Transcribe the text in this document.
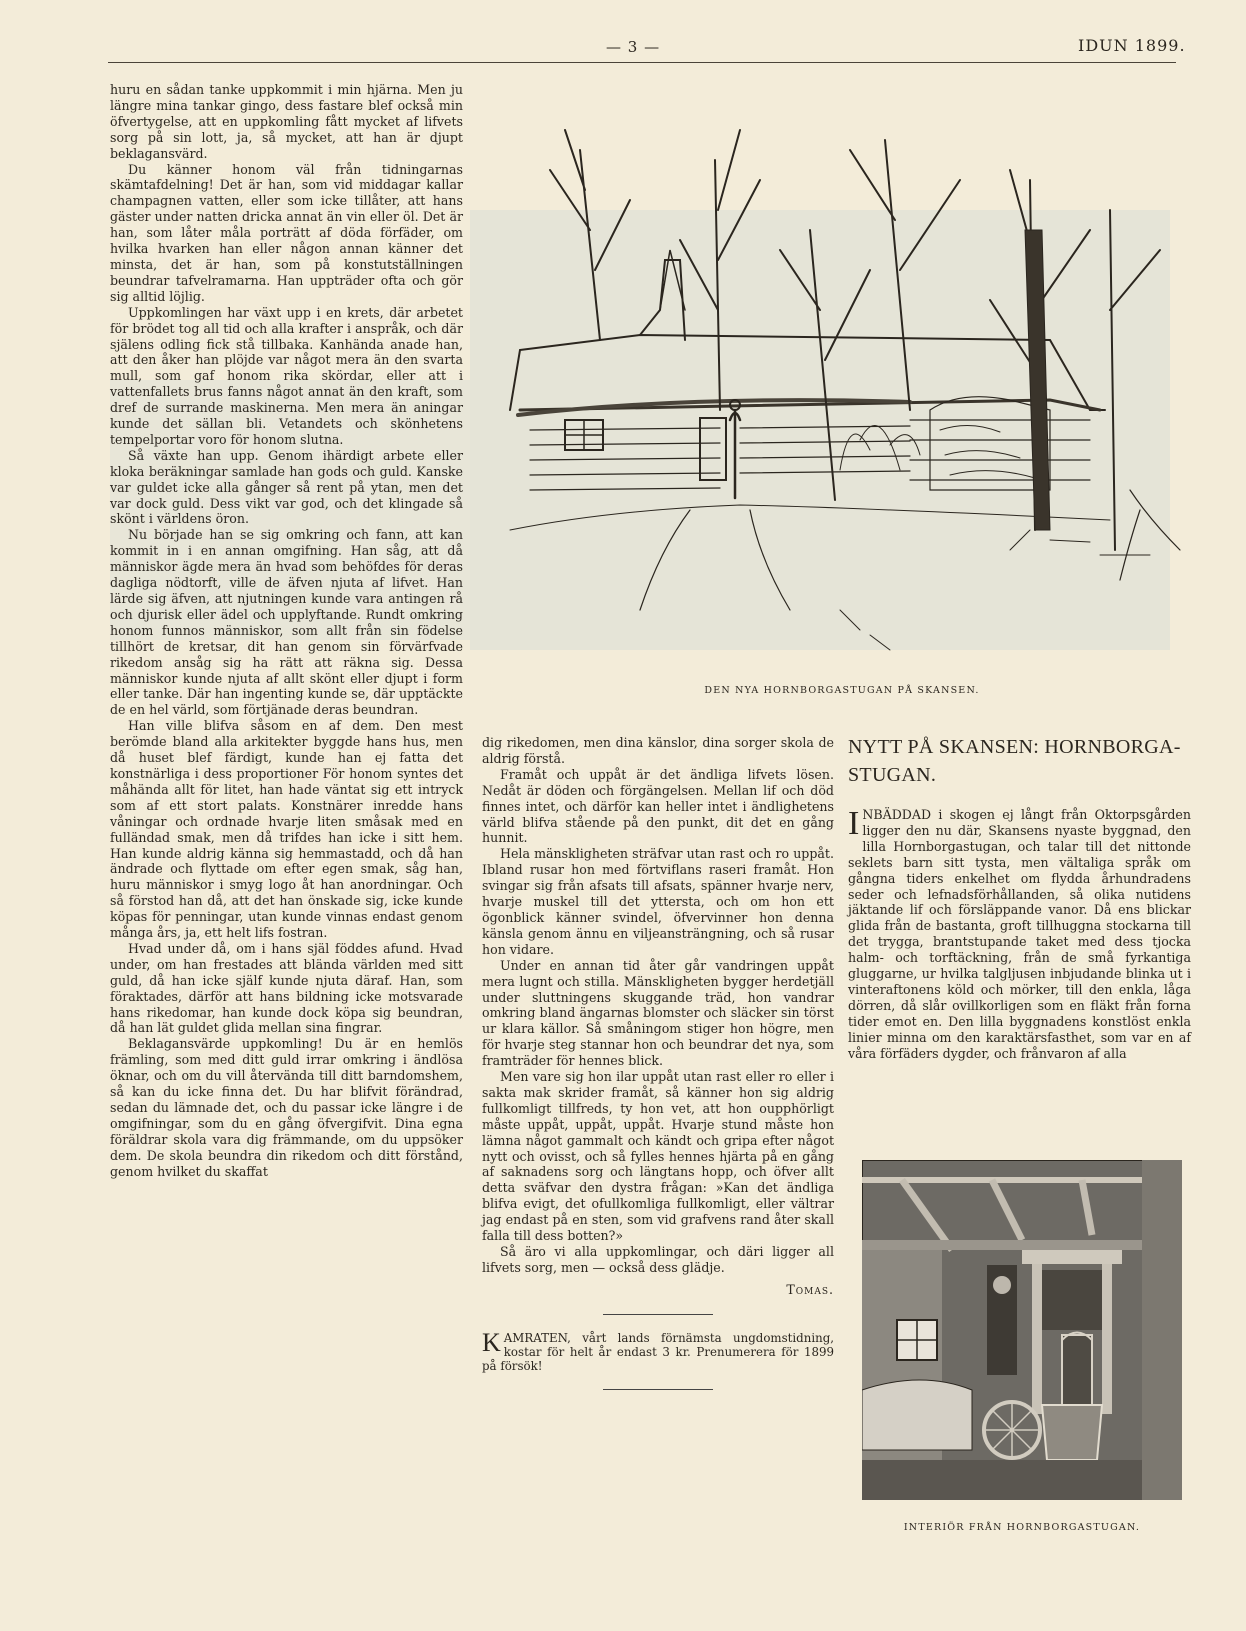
— 3 —	IDUN 1899.

huru en sådan tanke uppkommit i min hjärna. Men ju längre mina tankar gingo, dess fastare blef också min öfvertygelse, att en uppkomling fått mycket af lifvets sorg på sin lott, ja, så mycket, att han är djupt beklagansvärd.

Du känner honom väl från tidningarnas skämtafdelning! Det är han, som vid middagar kallar champagnen vatten, eller som icke tillåter, att hans gäster under natten dricka annat än vin eller öl. Det är han, som låter måla porträtt af döda förfäder, om hvilka hvarken han eller någon annan känner det minsta, det är han, som på konstutställningen beundrar tafvelramarna. Han uppträder ofta och gör sig alltid löjlig.

Uppkomlingen har växt upp i en krets, där arbetet för brödet tog all tid och alla krafter i anspråk, och där själens odling fick stå tillbaka. Kanhända anade han, att den åker han plöjde var något mera än den svarta mull, som gaf honom rika skördar, eller att i vattenfallets brus fanns något annat än den kraft, som dref de surrande maskinerna. Men mera än aningar kunde det sällan bli. Vetandets och skönhetens tempelportar voro för honom slutna.

Så växte han upp. Genom ihärdigt arbete eller kloka beräkningar samlade han gods och guld. Kanske var guldet icke alla gånger så rent på ytan, men det var dock guld. Dess vikt var god, och det klingade så skönt i världens öron.

Nu började han se sig omkring och fann, att kan kommit in i en annan omgifning. Han såg, att då människor ägde mera än hvad som behöfdes för deras dagliga nödtorft, ville de äfven njuta af lifvet. Han lärde sig äfven, att njutningen kunde vara antingen rå och djurisk eller ädel och upplyftande. Rundt omkring honom funnos människor, som allt från sin födelse tillhört de kretsar, dit han genom sin förvärfvade rikedom ansåg sig ha rätt att räkna sig. Dessa människor kunde njuta af allt skönt eller djupt i form eller tanke. Där han ingenting kunde se, där upptäckte de en hel värld, som förtjänade deras beundran.

Han ville blifva såsom en af dem. Den mest berömde bland alla arkitekter byggde hans hus, men då huset blef färdigt, kunde han ej fatta det konstnärliga i dess proportioner För honom syntes det måhända allt för litet, han hade väntat sig ett intryck som af ett stort palats. Konstnärer inredde hans våningar och ordnade hvarje liten småsak med en fulländad smak, men då trifdes han icke i sitt hem. Han kunde aldrig känna sig hemmastadd, och då han ändrade och flyttade om efter egen smak, såg han, huru människor i smyg logo åt han anordningar. Och så förstod han då, att det han önskade sig, icke kunde köpas för penningar, utan kunde vinnas endast genom många års, ja, ett helt lifs fostran.

Hvad under då, om i hans själ föddes afund. Hvad under, om han frestades att blända världen med sitt guld, då han icke själf kunde njuta däraf. Han, som föraktades, därför att hans bildning icke motsvarade hans rikedomar, han kunde dock köpa sig beundran, då han lät guldet glida mellan sina fingrar.

Beklagansvärde uppkomling! Du är en hemlös främling, som med ditt guld irrar omkring i ändlösa öknar, och om du vill återvända till ditt barndomshem, så kan du icke finna det. Du har blifvit förändrad, sedan du lämnade det, och du passar icke längre i de omgifningar, som du en gång öfvergifvit. Dina egna föräldrar skola vara dig främmande, om du uppsöker dem. De skola beundra din rikedom och ditt förstånd, genom hvilket du skaffat

DEN NYA HORNBORGASTUGAN PÅ SKANSEN.

dig rikedomen, men dina känslor, dina sorger skola de aldrig förstå.

Framåt och uppåt är det ändliga lifvets lösen. Nedåt är döden och förgängelsen. Mellan lif och död finnes intet, och därför kan heller intet i ändlighetens värld blifva stående på den punkt, dit det en gång hunnit.

Hela mänskligheten sträfvar utan rast och ro uppåt. Ibland rusar hon med förtviflans raseri framåt. Hon svingar sig från afsats till afsats, spänner hvarje nerv, hvarje muskel till det yttersta, och om hon ett ögonblick känner svindel, öfvervinner hon denna känsla genom ännu en viljeansträngning, och så rusar hon vidare.

Under en annan tid åter går vandringen uppåt mera lugnt och stilla. Mänskligheten bygger herdetjäll under sluttningens skuggande träd, hon vandrar omkring bland ängarnas blomster och släcker sin törst ur klara källor. Så småningom stiger hon högre, men för hvarje steg stannar hon och beundrar det nya, som framträder för hennes blick.

Men vare sig hon ilar uppåt utan rast eller ro eller i sakta mak skrider framåt, så känner hon sig aldrig fullkomligt tillfreds, ty hon vet, att hon oupphörligt måste uppåt, uppåt, uppåt. Hvarje stund måste hon lämna något gammalt och kändt och gripa efter något nytt och ovisst, och så fylles hennes hjärta på en gång af saknadens sorg och längtans hopp, och öfver allt detta sväfvar den dystra frågan: »Kan det ändliga blifva evigt, det ofullkomliga fullkomligt, eller vältrar jag endast på en sten, som vid grafvens rand åter skall falla till dess botten?»

Så äro vi alla uppkomlingar, och däri ligger all lifvets sorg, men — också dess glädje.

Tomas.

KAMRATEN, vårt lands förnämsta ungdomstidning, kostar för helt år endast 3 kr. Prenumerera för 1899 på försök!

NYTT PÅ SKANSEN: HORNBORGA-STUGAN.

INBÄDDAD i skogen ej långt från Oktorpsgården ligger den nu där, Skansens nyaste byggnad, den lilla Hornborgastugan, och talar till det nittonde seklets barn sitt tysta, men vältaliga språk om gångna tiders enkelhet om flydda århundradens seder och lefnadsförhållanden, så olika nutidens jäktande lif och försläppande vanor. Då ens blickar glida från de bastanta, groft tillhuggna stockarna till det trygga, brantstupande taket med dess tjocka halm- och torftäckning, från de små fyrkantiga gluggarne, ur hvilka talgljusen inbjudande blinka ut i vinteraftonens köld och mörker, till den enkla, låga dörren, då slår ovillkorligen som en fläkt från forna tider emot en. Den lilla byggnadens konstlöst enkla linier minna om den karaktärsfasthet, som var en af våra förfäders dygder, och frånvaron af alla

INTERIÖR FRÅN HORNBORGASTUGAN.
